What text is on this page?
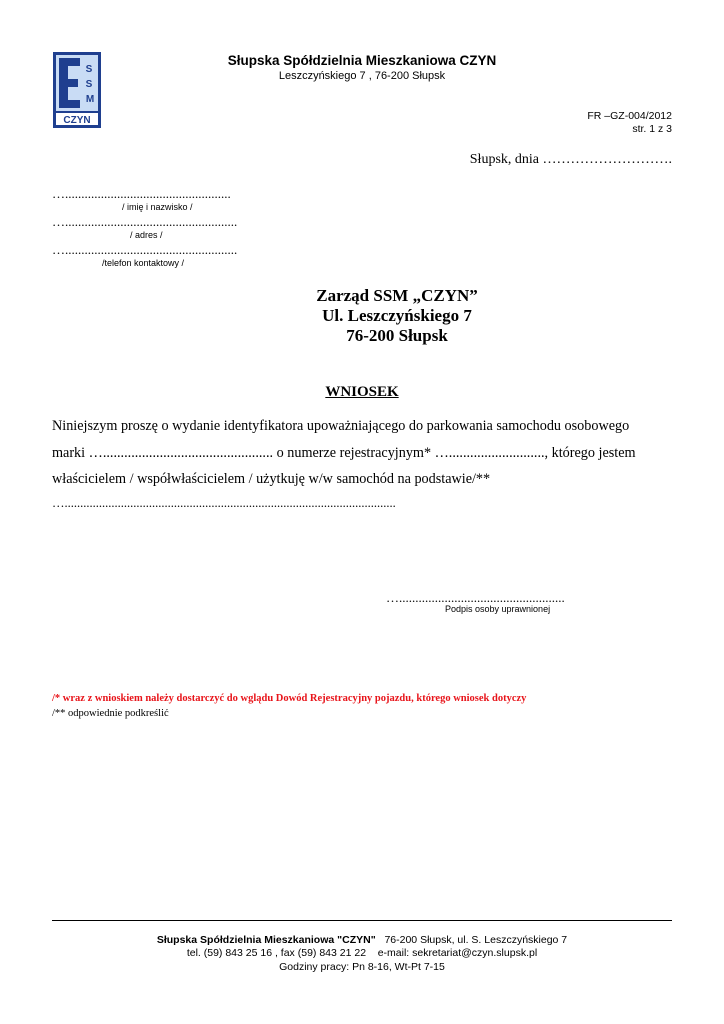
CZYN
S
S
M
Słupska Spółdzielnia Mieszkaniowa CZYN
Leszczyńskiego 7 , 76-200 Słupsk
FR –GZ-004/2012
str. 1 z 3
Słupsk, dnia ……………………….
…...................................................
/ imię i nazwisko /
….....................................................
/ adres /
….....................................................
/telefon kontaktowy /
Zarząd SSM „CZYN”
Ul. Leszczyńskiego 7
76-200 Słupsk
WNIOSEK
Niniejszym proszę o wydanie identyfikatora upoważniającego do parkowania samochodu osobowego
marki …................................................ o numerze rejestracyjnym* …..........................., którego jestem
właścicielem / współwłaścicielem / użytkuję w/w samochód na podstawie/**
…..........................................................................................................
…...................................................
Podpis osoby uprawnionej
/* wraz z wnioskiem należy dostarczyć do wglądu Dowód Rejestracyjny pojazdu, którego wniosek dotyczy
/** odpowiednie podkreślić
Słupska Spółdzielnia Mieszkaniowa "CZYN" 76-200 Słupsk, ul. S. Leszczyńskiego 7
tel. (59) 843 25 16 , fax (59) 843 21 22 e-mail: sekretariat@czyn.slupsk.pl
Godziny pracy: Pn 8-16, Wt-Pt 7-15
